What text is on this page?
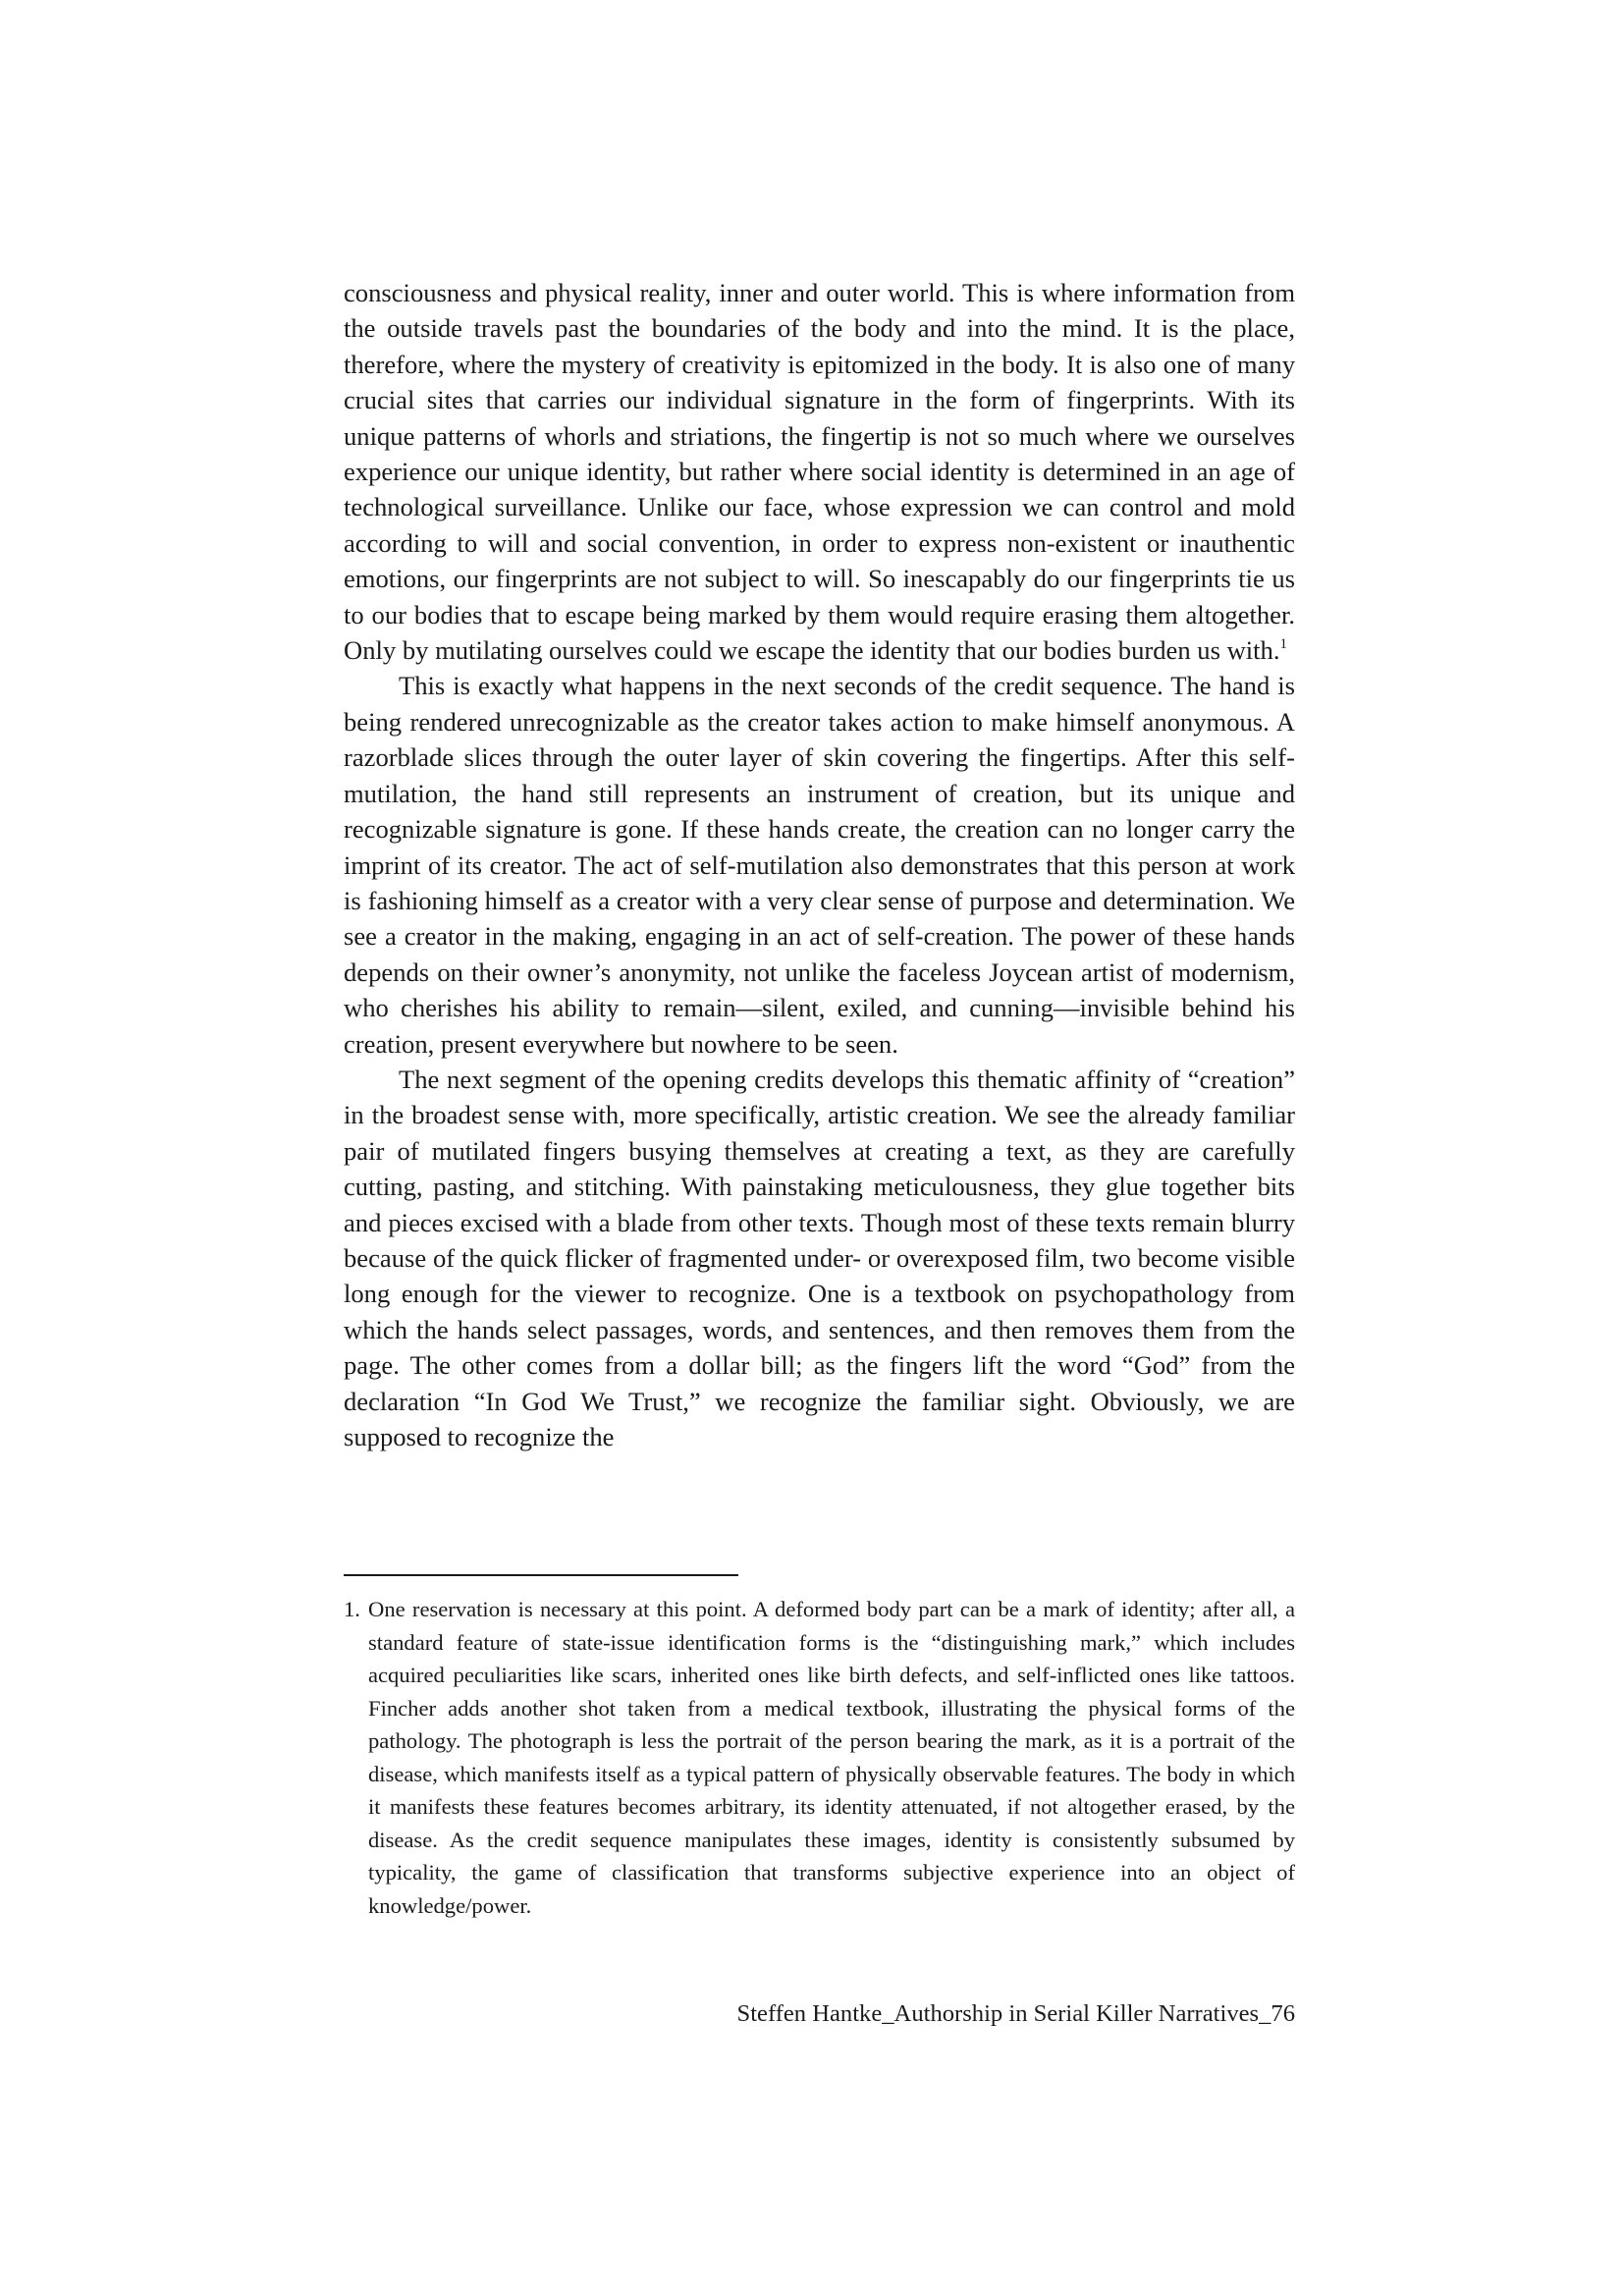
consciousness and physical reality, inner and outer world. This is where information from the outside travels past the boundaries of the body and into the mind. It is the place, therefore, where the mystery of creativity is epitomized in the body. It is also one of many crucial sites that carries our individual signature in the form of fingerprints. With its unique patterns of whorls and striations, the fingertip is not so much where we ourselves experience our unique identity, but rather where social identity is determined in an age of technological surveillance. Unlike our face, whose expression we can control and mold according to will and social convention, in order to express non-existent or inauthentic emotions, our fingerprints are not subject to will. So inescapably do our fingerprints tie us to our bodies that to escape being marked by them would require erasing them altogether. Only by mutilating ourselves could we escape the identity that our bodies burden us with.$^1$

This is exactly what happens in the next seconds of the credit sequence. The hand is being rendered unrecognizable as the creator takes action to make himself anonymous. A razorblade slices through the outer layer of skin covering the fingertips. After this self-mutilation, the hand still represents an instrument of creation, but its unique and recognizable signature is gone. If these hands create, the creation can no longer carry the imprint of its creator. The act of self-mutilation also demonstrates that this person at work is fashioning himself as a creator with a very clear sense of purpose and determination. We see a creator in the making, engaging in an act of self-creation. The power of these hands depends on their owner’s anonymity, not unlike the faceless Joycean artist of modernism, who cherishes his ability to remain—silent, exiled, and cunning—invisible behind his creation, present everywhere but nowhere to be seen.

The next segment of the opening credits develops this thematic affinity of “creation” in the broadest sense with, more specifically, artistic creation. We see the already familiar pair of mutilated fingers busying themselves at creating a text, as they are carefully cutting, pasting, and stitching. With painstaking meticulousness, they glue together bits and pieces excised with a blade from other texts. Though most of these texts remain blurry because of the quick flicker of fragmented under- or overexposed film, two become visible long enough for the viewer to recognize. One is a textbook on psychopathology from which the hands select passages, words, and sentences, and then removes them from the page. The other comes from a dollar bill; as the fingers lift the word “God” from the declaration “In God We Trust,” we recognize the familiar sight. Obviously, we are supposed to recognize the

1. One reservation is necessary at this point. A deformed body part can be a mark of identity; after all, a standard feature of state-issue identification forms is the “distinguishing mark,” which includes acquired peculiarities like scars, inherited ones like birth defects, and self-inflicted ones like tattoos. Fincher adds another shot taken from a medical textbook, illustrating the physical forms of the pathology. The photograph is less the portrait of the person bearing the mark, as it is a portrait of the disease, which manifests itself as a typical pattern of physically observable features. The body in which it manifests these features becomes arbitrary, its identity attenuated, if not altogether erased, by the disease. As the credit sequence manipulates these images, identity is consistently subsumed by typicality, the game of classification that transforms subjective experience into an object of knowledge/power.
Steffen Hantke_Authorship in Serial Killer Narratives_76
